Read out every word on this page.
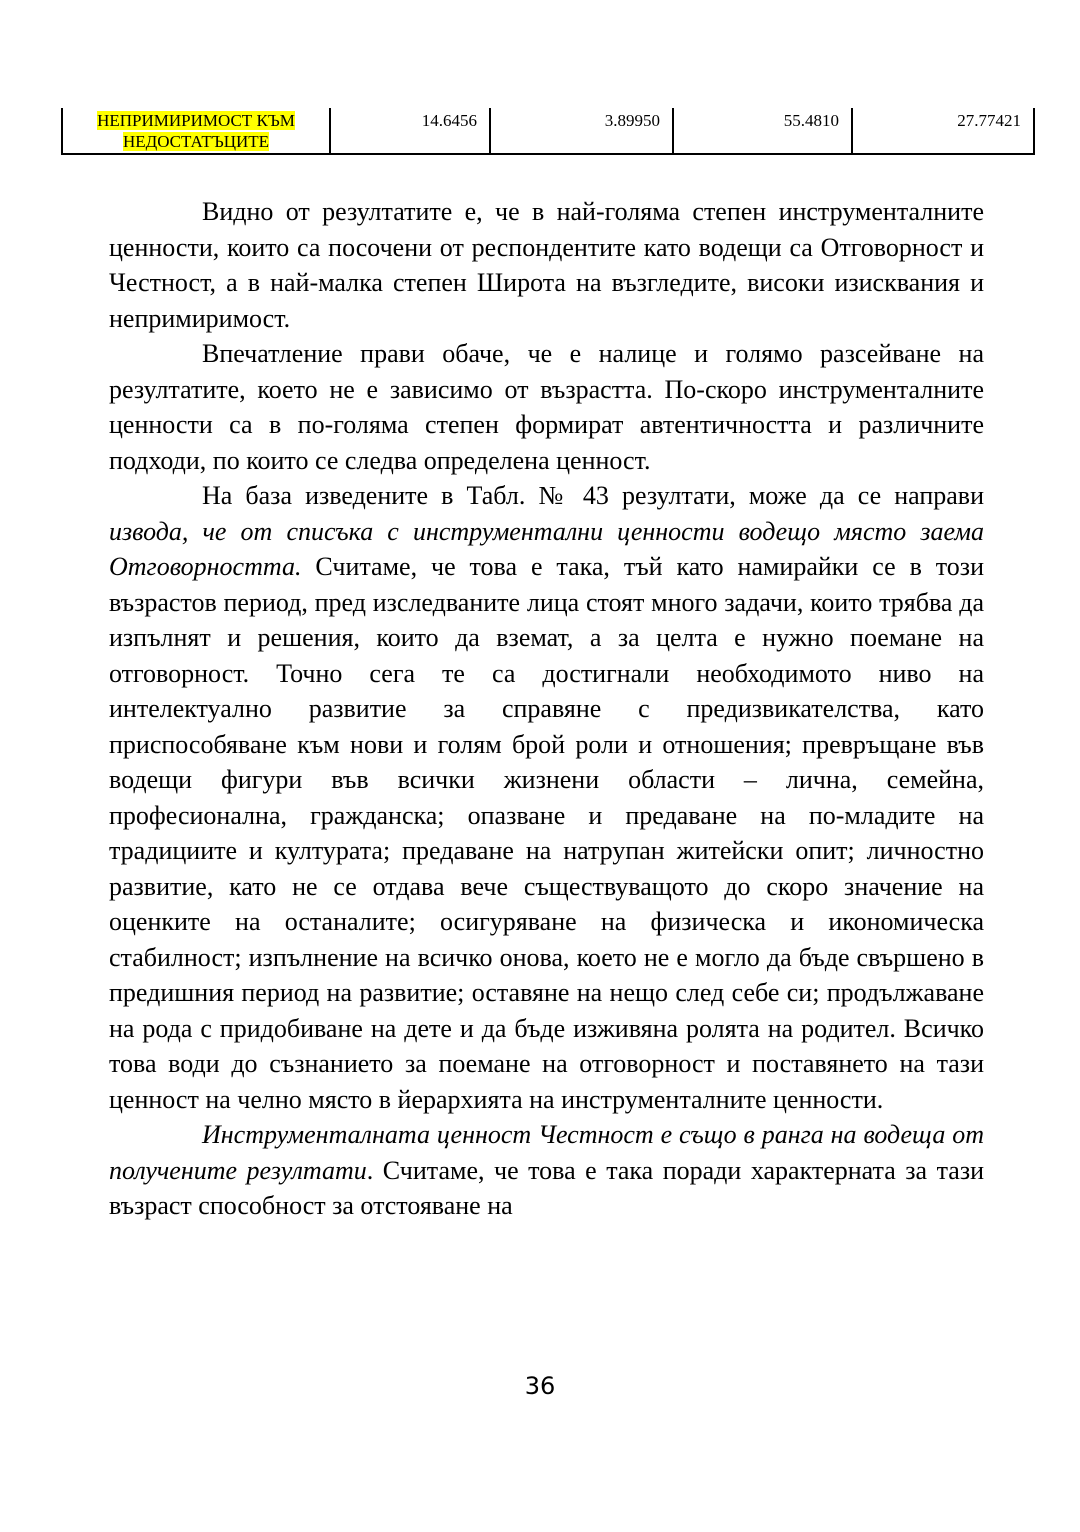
НЕПРИМИРИМОСТ КЪМ
НЕДОСТАТЪЦИТЕ	14.6456	3.89950	55.4810	27.77421

Видно от резултатите е, че в най-голяма степен инструменталните ценности, които са посочени от респондентите като водещи са Отговорност и Честност, а в най-малка степен Широта на възгледите, високи изисквания и непримиримост.

Впечатление прави обаче, че е налице и голямо разсейване на резултатите, което не е зависимо от възрастта. По-скоро инструменталните ценности са в по-голяма степен формират автентичността и различните подходи, по които се следва определена ценност.

На база изведените в Табл. № 43 резултати, може да се направи извода, че от списъка с инструментални ценности водещо място заема Отговорността. Считаме, че това е така, тъй като намирайки се в този възрастов период, пред изследваните лица стоят много задачи, които трябва да изпълнят и решения, които да вземат, а за целта е нужно поемане на отговорност. Точно сега те са достигнали необходимото ниво на интелектуално развитие за справяне с предизвикателства, като приспособяване към нови и голям брой роли и отношения; превръщане във водещи фигури във всички жизнени области – лична, семейна, професионална, гражданска; опазване и предаване на по-младите на традициите и културата; предаване на натрупан житейски опит; личностно развитие, като не се отдава вече съществуващото до скоро значение на оценките на останалите; осигуряване на физическа и икономическа стабилност; изпълнение на всичко онова, което не е могло да бъде свършено в предишния период на развитие; оставяне на нещо след себе си; продължаване на рода с придобиване на дете и да бъде изживяна ролята на родител. Всичко това води до съзнанието за поемане на отговорност и поставянето на тази ценност на челно място в йерархията на инструменталните ценности.

Инструменталната ценност Честност е също в ранга на водеща от получените резултати. Считаме, че това е така поради характерната за тази възраст способност за отстояване на

36
